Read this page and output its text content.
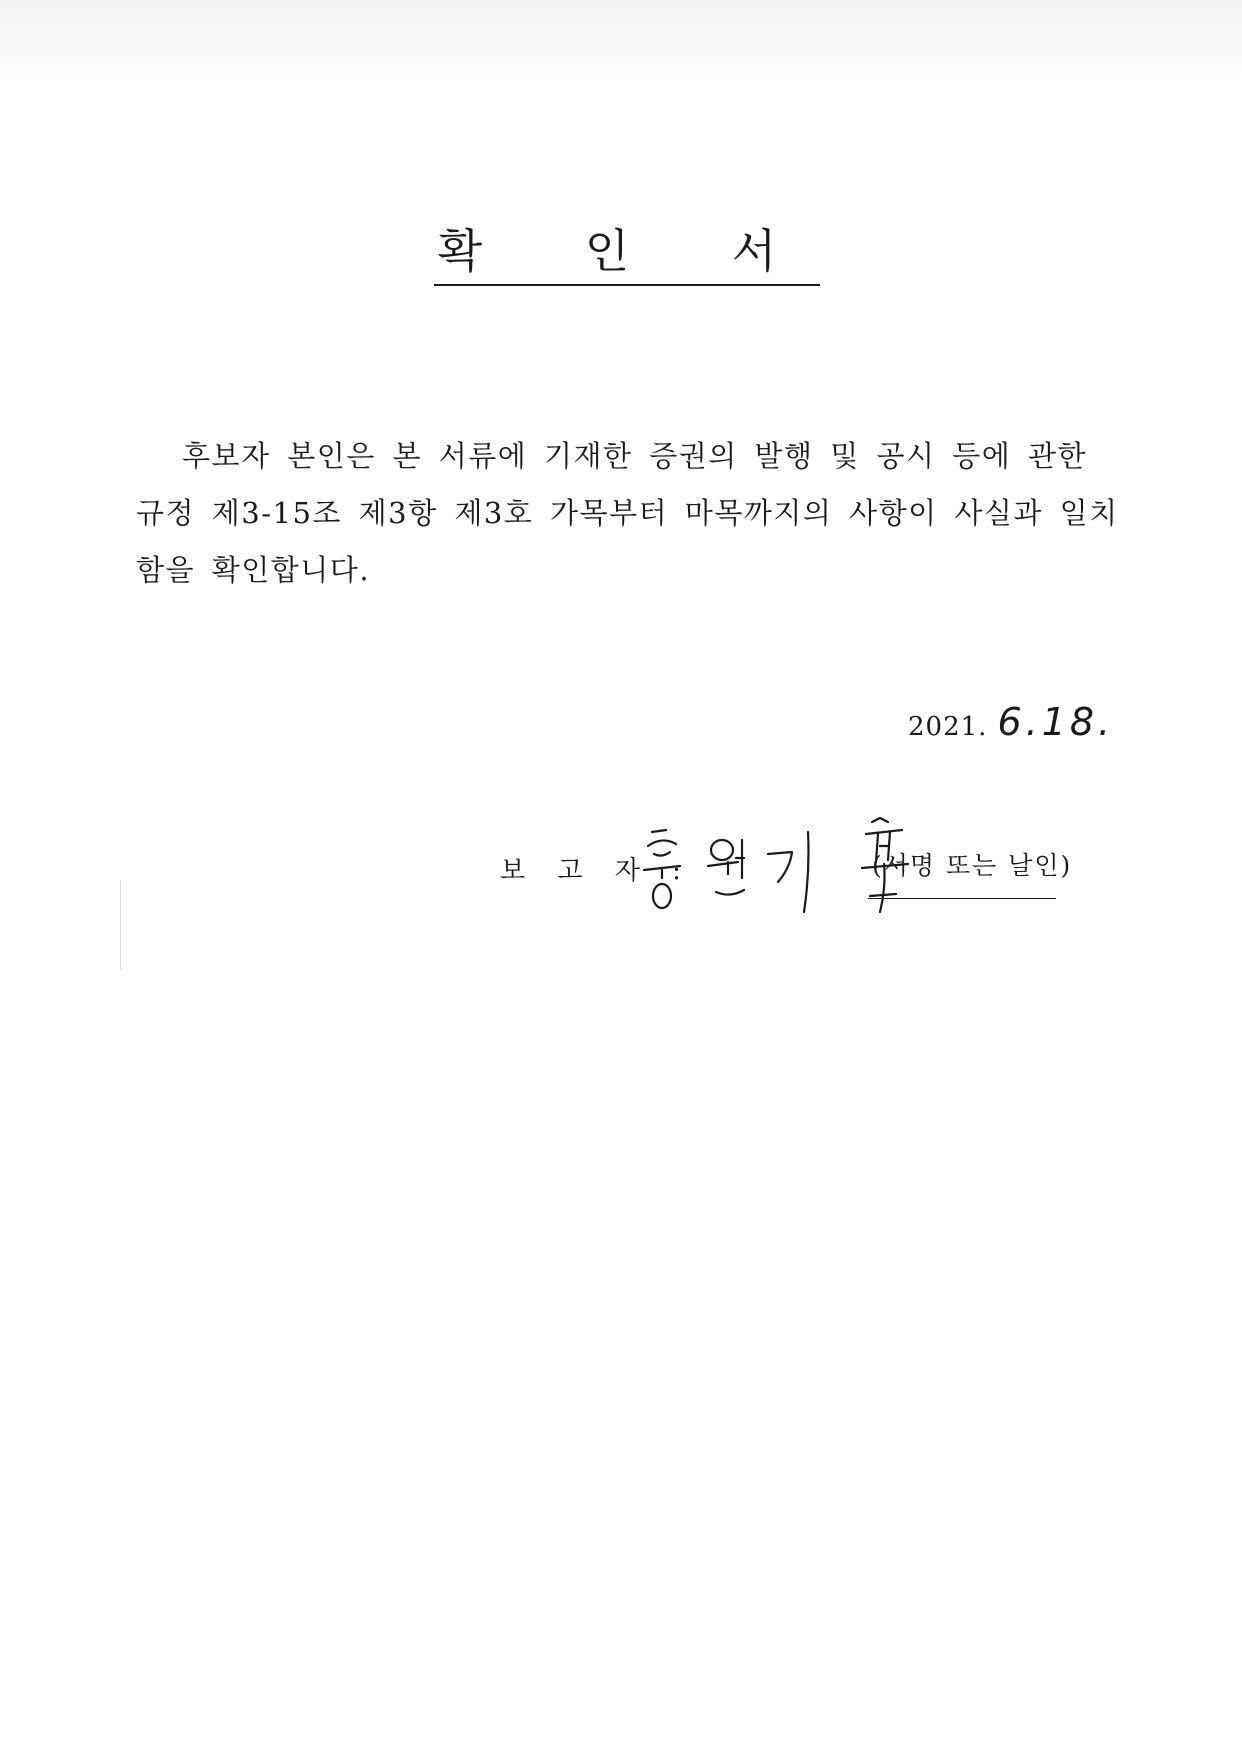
확 인 서
후보자 본인은 본 서류에 기재한 증권의 발행 및 공시 등에 관한
규정 제3-15조 제3항 제3호 가목부터 마목까지의 사항이 사실과 일치
함을 확인합니다.
2021. 6.18.
보 고 자 :	(서명 또는 날인)
